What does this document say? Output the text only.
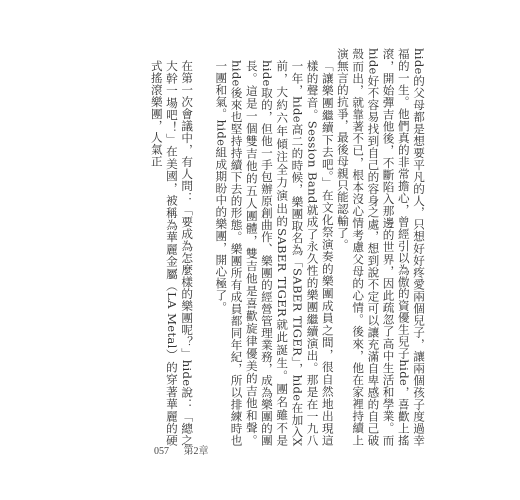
hide的父母都是想要平凡的人，只想好好疼愛兩個兒子，讓兩個孩子度過幸福的一生。他們真的非常擔心，曾經引以為傲的資優生兒子hide，喜歡上搖滾，開始彈吉他後，不斷陷入那邊的世界，因此疏忽了高中生活和學業。而hide好不容易找到自己的容身之處，想到說不定可以讓充滿自卑感的自己破殼而出，就靠著不已，根本沒心情考慮父母的心情。後來，他在家裡持續上演無言的抗爭，最後母親只能認輸了。

「讓樂團繼續下去吧。」在文化祭演奏的樂團成員之間，很自然地出現這樣的聲音。Session Band就成了永久性的樂團繼續演出。那是在一九八一年，hide高二的時候，樂團取名為「SABER TIGER」，hide在加入X前，大約六年傾注全力演出的SABER TIGER就此誕生。團名雖不是hide取的，但他一手包辦原創曲作、樂團的經營管理業務，成為樂團的團長。這是一個雙吉他的五人團體，雙吉他是喜歡旋律優美的吉他和聲。hide後來也堅持持續下去的形態。樂團所有成員都同年紀，所以排練時也一團和氣。hide組成期盼中的樂團，開心極了。

在第一次會議中，有人問：「要成為怎麼樣的樂團呢？」hide說：「總之大幹一場吧！」在美國，被稱為華麗金屬（LA Metal）的穿著華麗的硬式搖滾樂團，人氣正

057 第2章
